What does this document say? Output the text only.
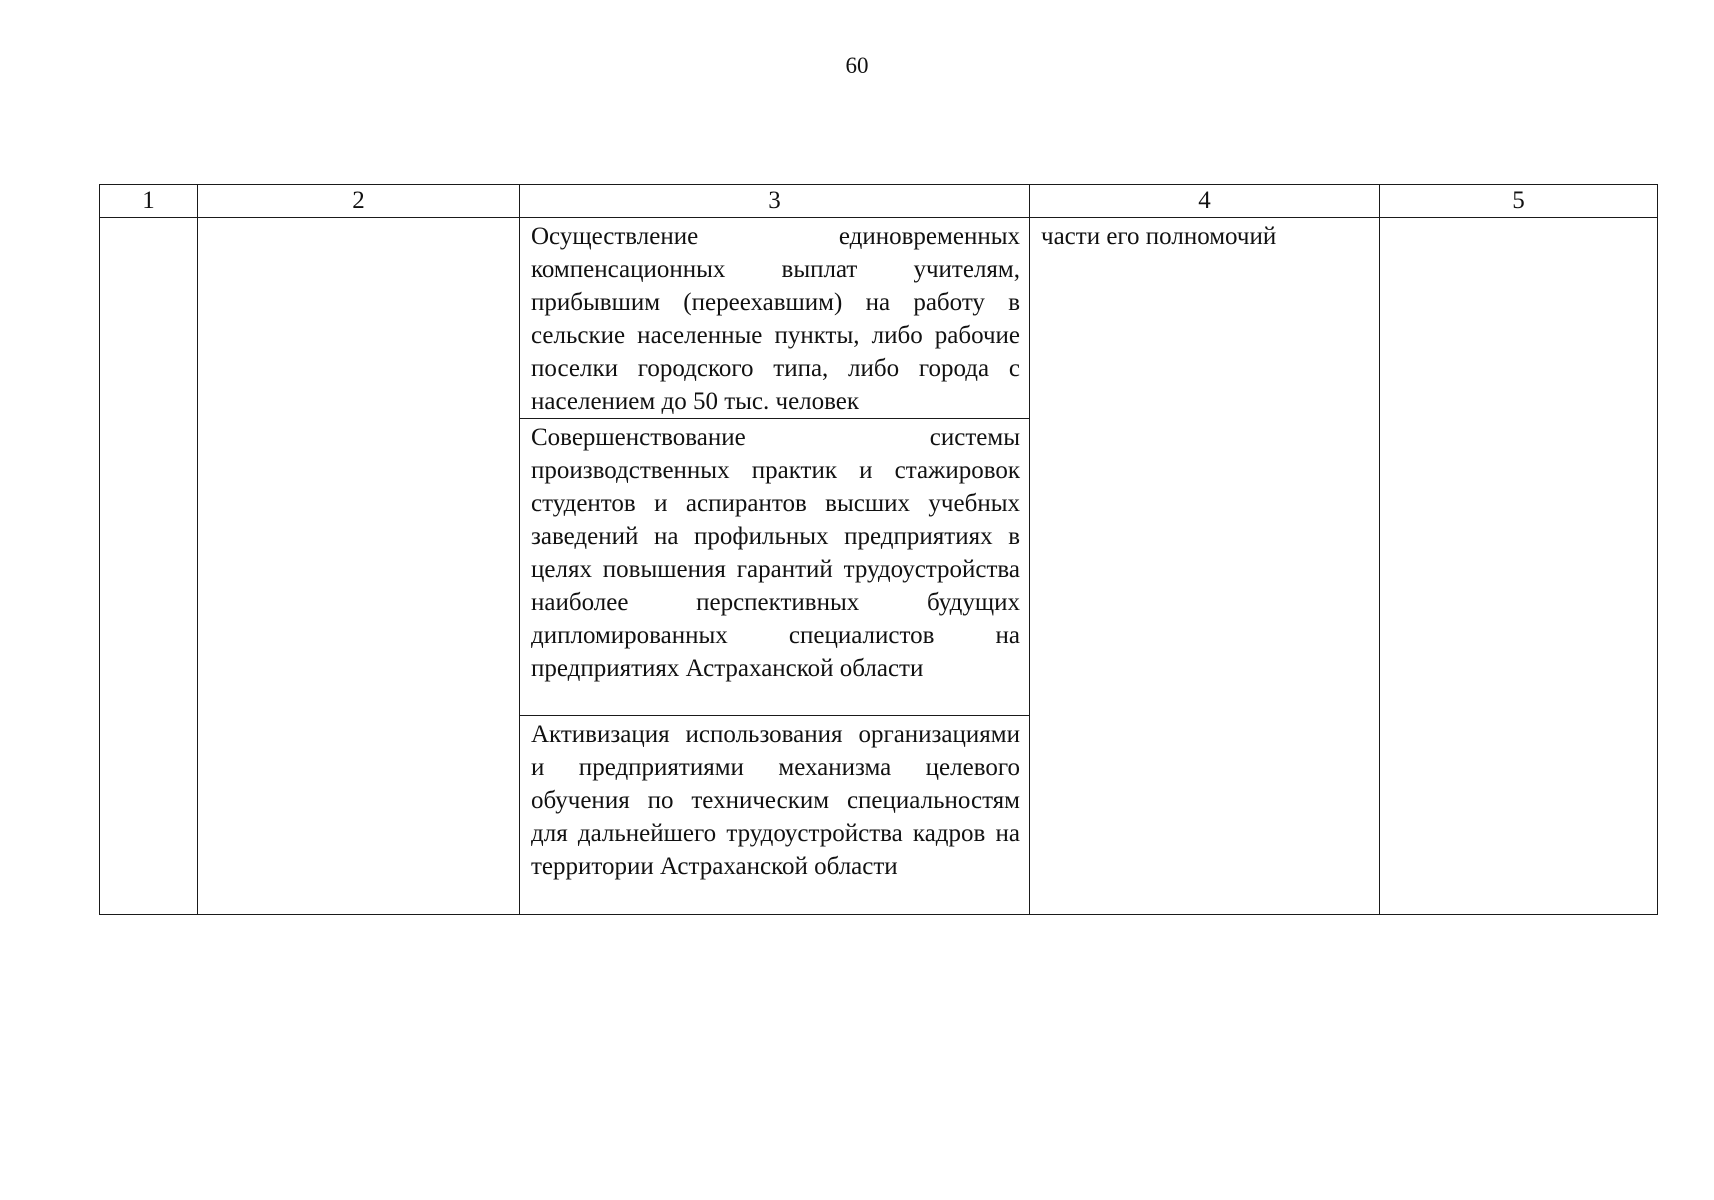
60
1	2	3	4	5
		Осуществление единовременных компенсационных выплат учителям, прибывшим (переехавшим) на работу в сельские населенные пункты, либо рабочие поселки городского типа, либо города с населением до 50 тыс. человек	части его полномочий	
		Совершенствование системы производственных практик и стажировок студентов и аспирантов высших учебных заведений на профильных предприятиях в целях повышения гарантий трудоустройства наиболее перспективных будущих дипломированных специалистов на предприятиях Астраханской области		
		Активизация использования организациями и предприятиями механизма целевого обучения по техническим специальностям для дальнейшего трудоустройства кадров на территории Астраханской области		
